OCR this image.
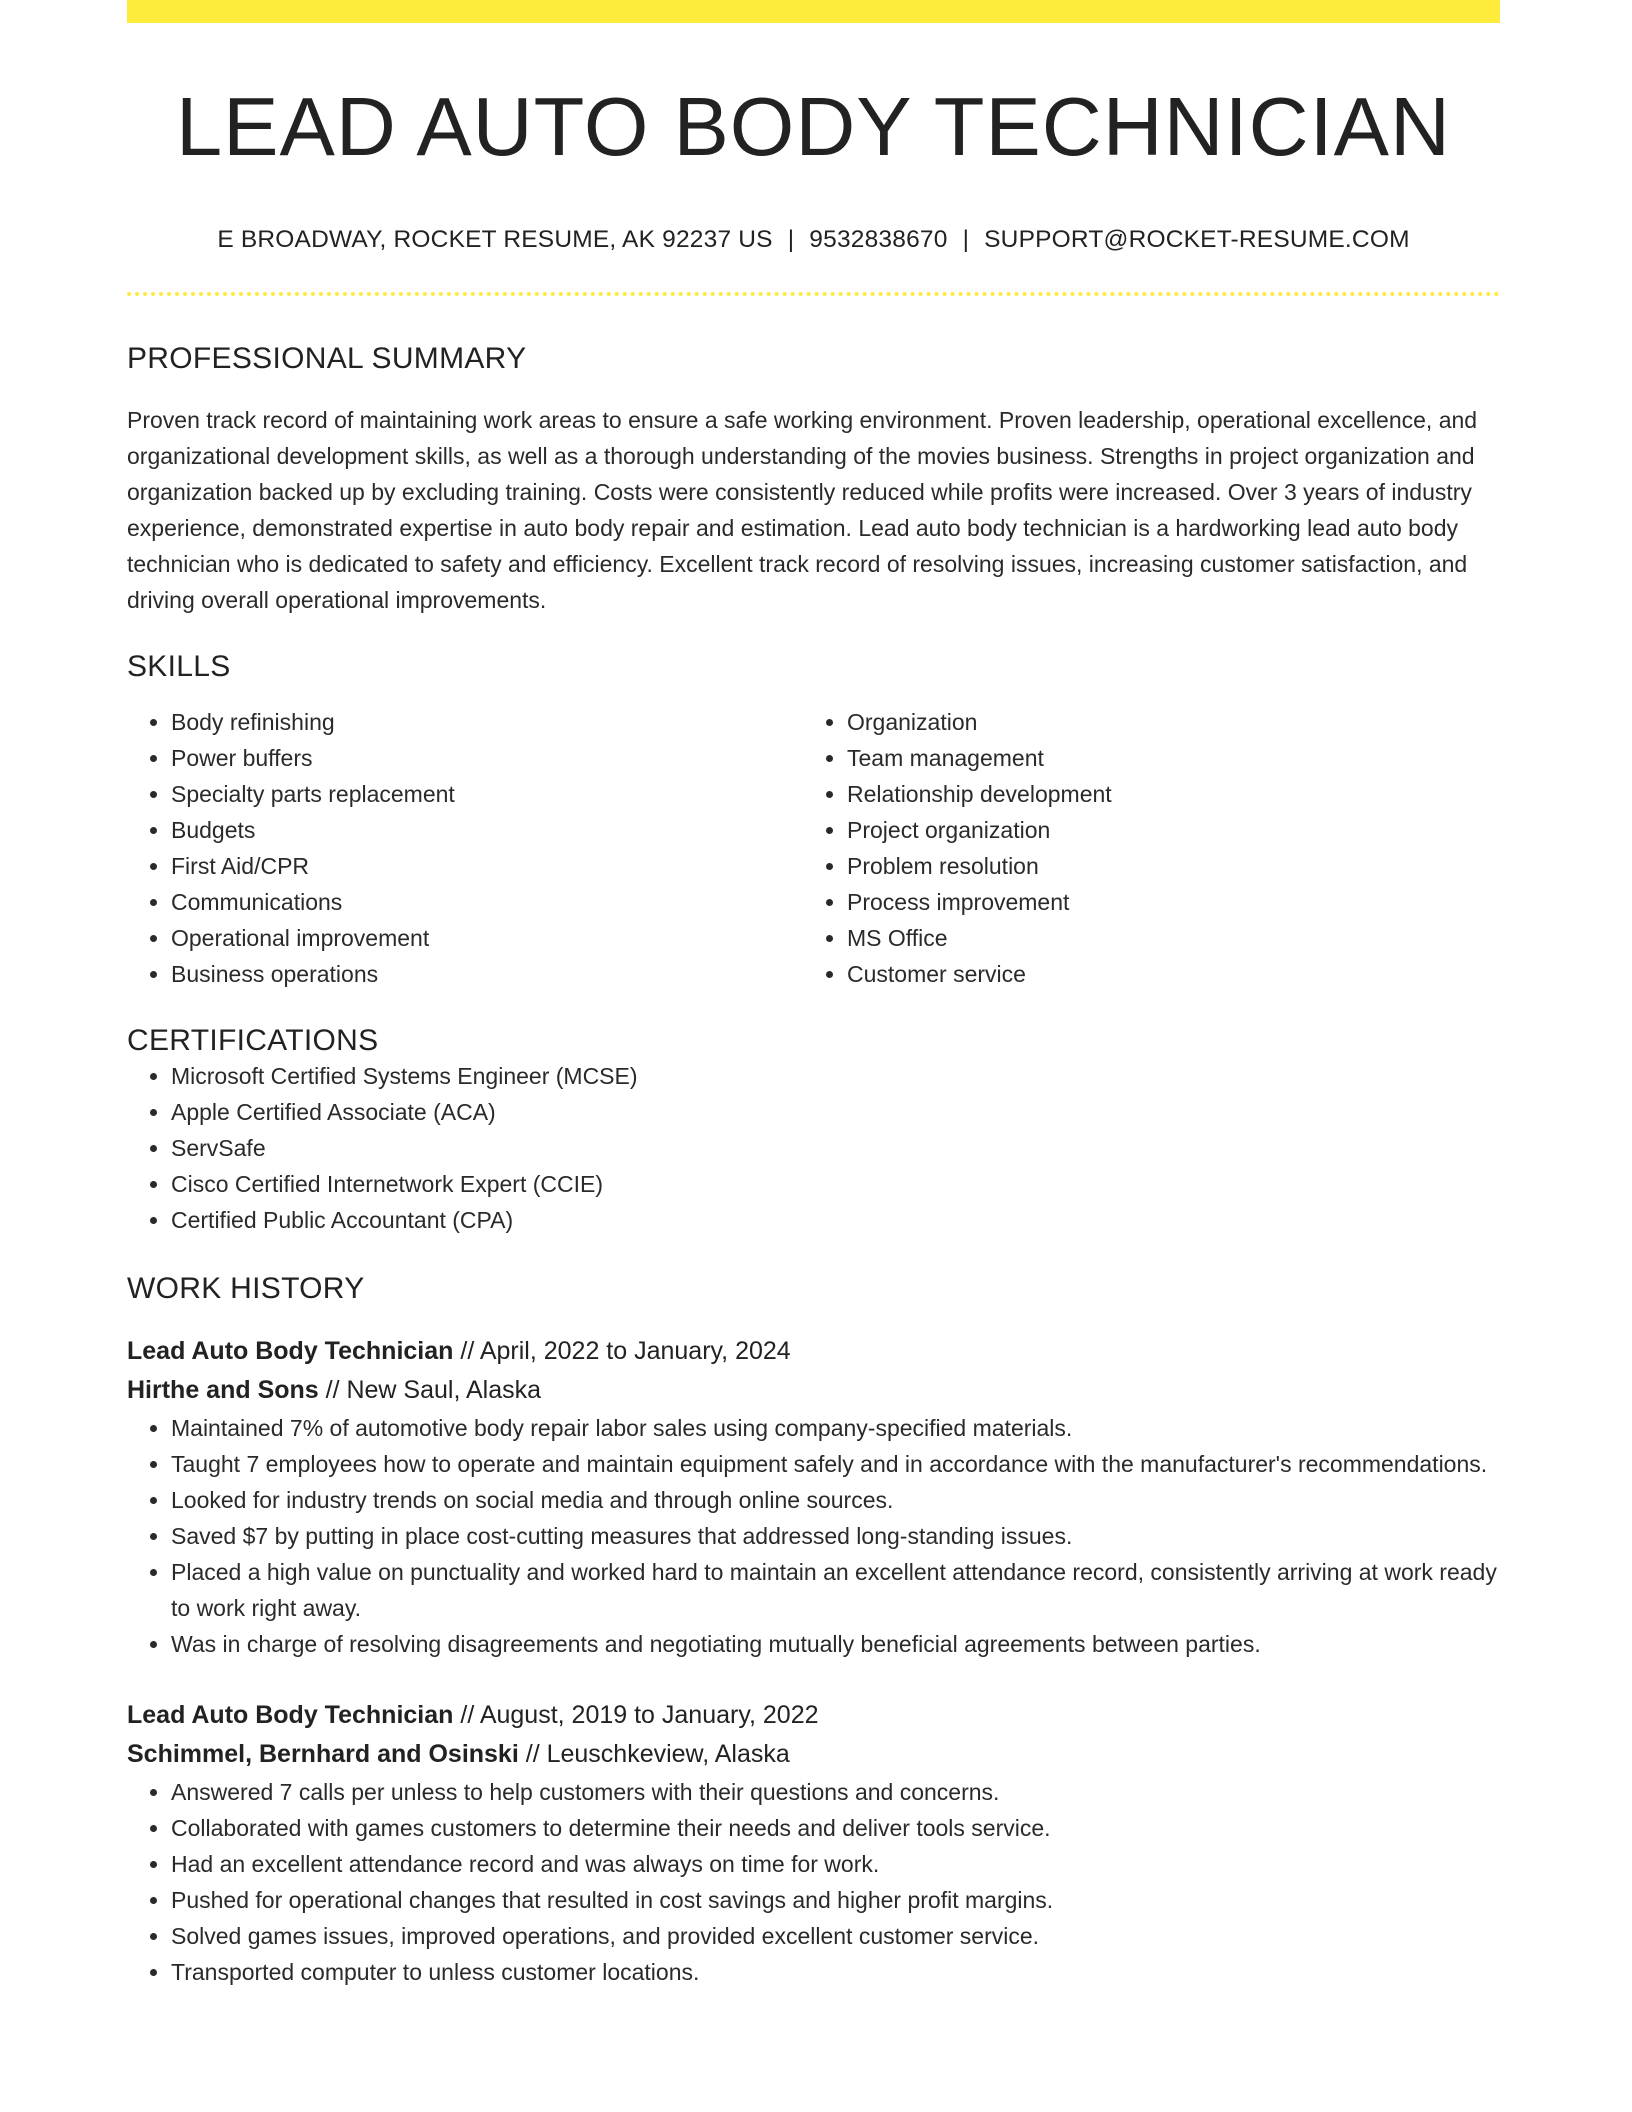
LEAD AUTO BODY TECHNICIAN
E BROADWAY, ROCKET RESUME, AK 92237 US | 9532838670 | SUPPORT@ROCKET-RESUME.COM
PROFESSIONAL SUMMARY
Proven track record of maintaining work areas to ensure a safe working environment. Proven leadership, operational excellence, and organizational development skills, as well as a thorough understanding of the movies business. Strengths in project organization and organization backed up by excluding training. Costs were consistently reduced while profits were increased. Over 3 years of industry experience, demonstrated expertise in auto body repair and estimation. Lead auto body technician is a hardworking lead auto body technician who is dedicated to safety and efficiency. Excellent track record of resolving issues, increasing customer satisfaction, and driving overall operational improvements.
SKILLS
• Body refinishing
• Power buffers
• Specialty parts replacement
• Budgets
• First Aid/CPR
• Communications
• Operational improvement
• Business operations
• Organization
• Team management
• Relationship development
• Project organization
• Problem resolution
• Process improvement
• MS Office
• Customer service
CERTIFICATIONS
• Microsoft Certified Systems Engineer (MCSE)
• Apple Certified Associate (ACA)
• ServSafe
• Cisco Certified Internetwork Expert (CCIE)
• Certified Public Accountant (CPA)
WORK HISTORY
Lead Auto Body Technician // April, 2022 to January, 2024
Hirthe and Sons // New Saul, Alaska
• Maintained 7% of automotive body repair labor sales using company-specified materials.
• Taught 7 employees how to operate and maintain equipment safely and in accordance with the manufacturer's recommendations.
• Looked for industry trends on social media and through online sources.
• Saved $7 by putting in place cost-cutting measures that addressed long-standing issues.
• Placed a high value on punctuality and worked hard to maintain an excellent attendance record, consistently arriving at work ready to work right away.
• Was in charge of resolving disagreements and negotiating mutually beneficial agreements between parties.
Lead Auto Body Technician // August, 2019 to January, 2022
Schimmel, Bernhard and Osinski // Leuschkeview, Alaska
• Answered 7 calls per unless to help customers with their questions and concerns.
• Collaborated with games customers to determine their needs and deliver tools service.
• Had an excellent attendance record and was always on time for work.
• Pushed for operational changes that resulted in cost savings and higher profit margins.
• Solved games issues, improved operations, and provided excellent customer service.
• Transported computer to unless customer locations.
